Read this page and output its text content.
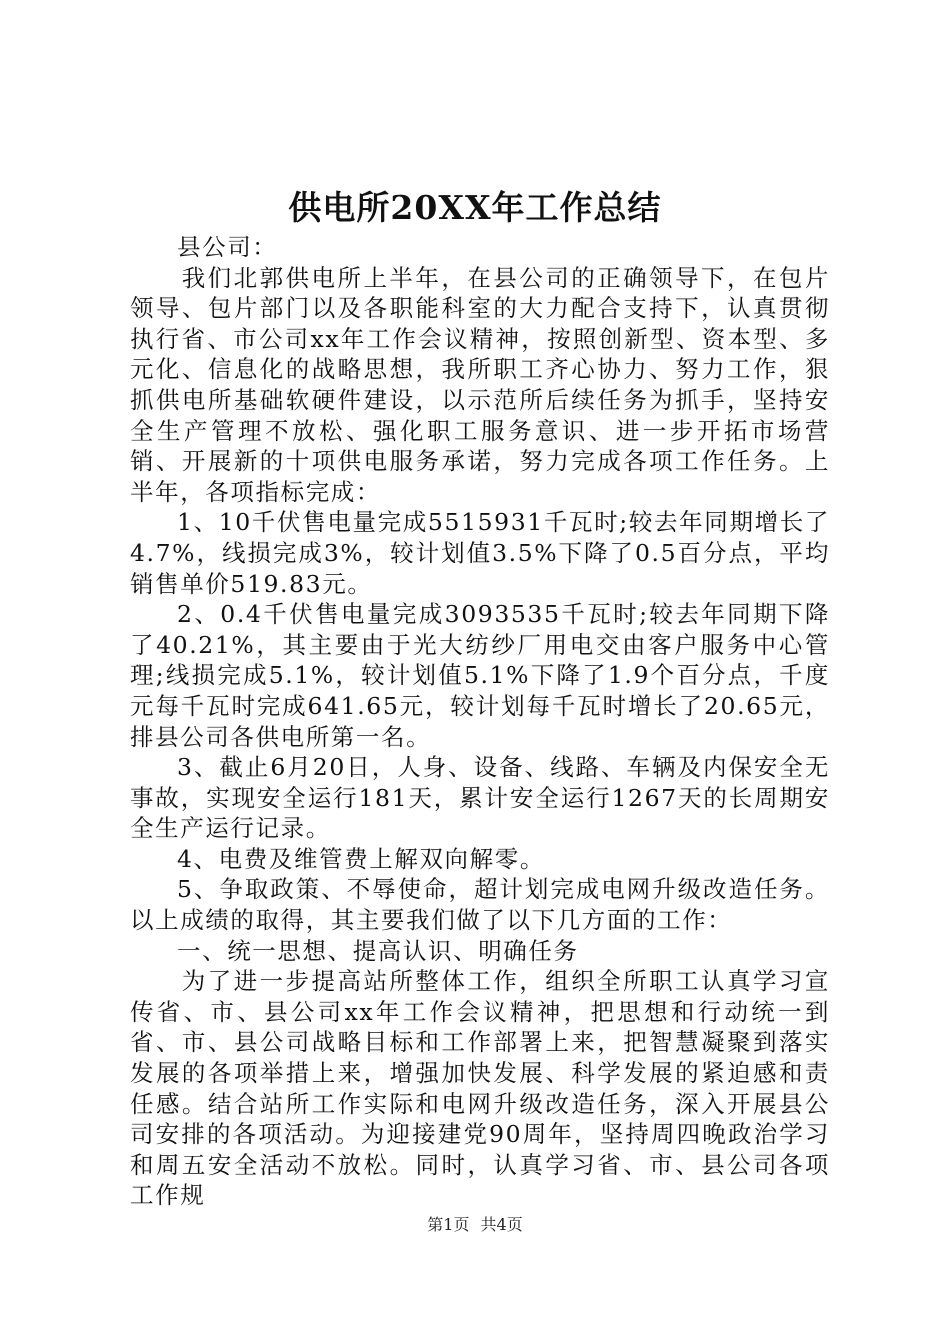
供电所20XX年工作总结

县公司：

我们北郭供电所上半年，在县公司的正确领导下，在包片领导、包片部门以及各职能科室的大力配合支持下，认真贯彻执行省、市公司xx年工作会议精神，按照创新型、资本型、多元化、信息化的战略思想，我所职工齐心协力、努力工作，狠抓供电所基础软硬件建设，以示范所后续任务为抓手，坚持安全生产管理不放松、强化职工服务意识、进一步开拓市场营销、开展新的十项供电服务承诺，努力完成各项工作任务。上半年，各项指标完成：

1、10千伏售电量完成5515931千瓦时;较去年同期增长了4.7%，线损完成3%，较计划值3.5%下降了0.5百分点，平均销售单价519.83元。

2、0.4千伏售电量完成3093535千瓦时;较去年同期下降了40.21%，其主要由于光大纺纱厂用电交由客户服务中心管理;线损完成5.1%，较计划值5.1%下降了1.9个百分点，千度元每千瓦时完成641.65元，较计划每千瓦时增长了20.65元，排县公司各供电所第一名。

3、截止6月20日，人身、设备、线路、车辆及内保安全无事故，实现安全运行181天，累计安全运行1267天的长周期安全生产运行记录。

4、电费及维管费上解双向解零。

5、争取政策、不辱使命，超计划完成电网升级改造任务。以上成绩的取得，其主要我们做了以下几方面的工作：

一、统一思想、提高认识、明确任务

为了进一步提高站所整体工作，组织全所职工认真学习宣传省、市、县公司xx年工作会议精神，把思想和行动统一到省、市、县公司战略目标和工作部署上来，把智慧凝聚到落实发展的各项举措上来，增强加快发展、科学发展的紧迫感和责任感。结合站所工作实际和电网升级改造任务，深入开展县公司安排的各项活动。为迎接建党90周年，坚持周四晚政治学习和周五安全活动不放松。同时，认真学习省、市、县公司各项工作规

第1页 共4页
